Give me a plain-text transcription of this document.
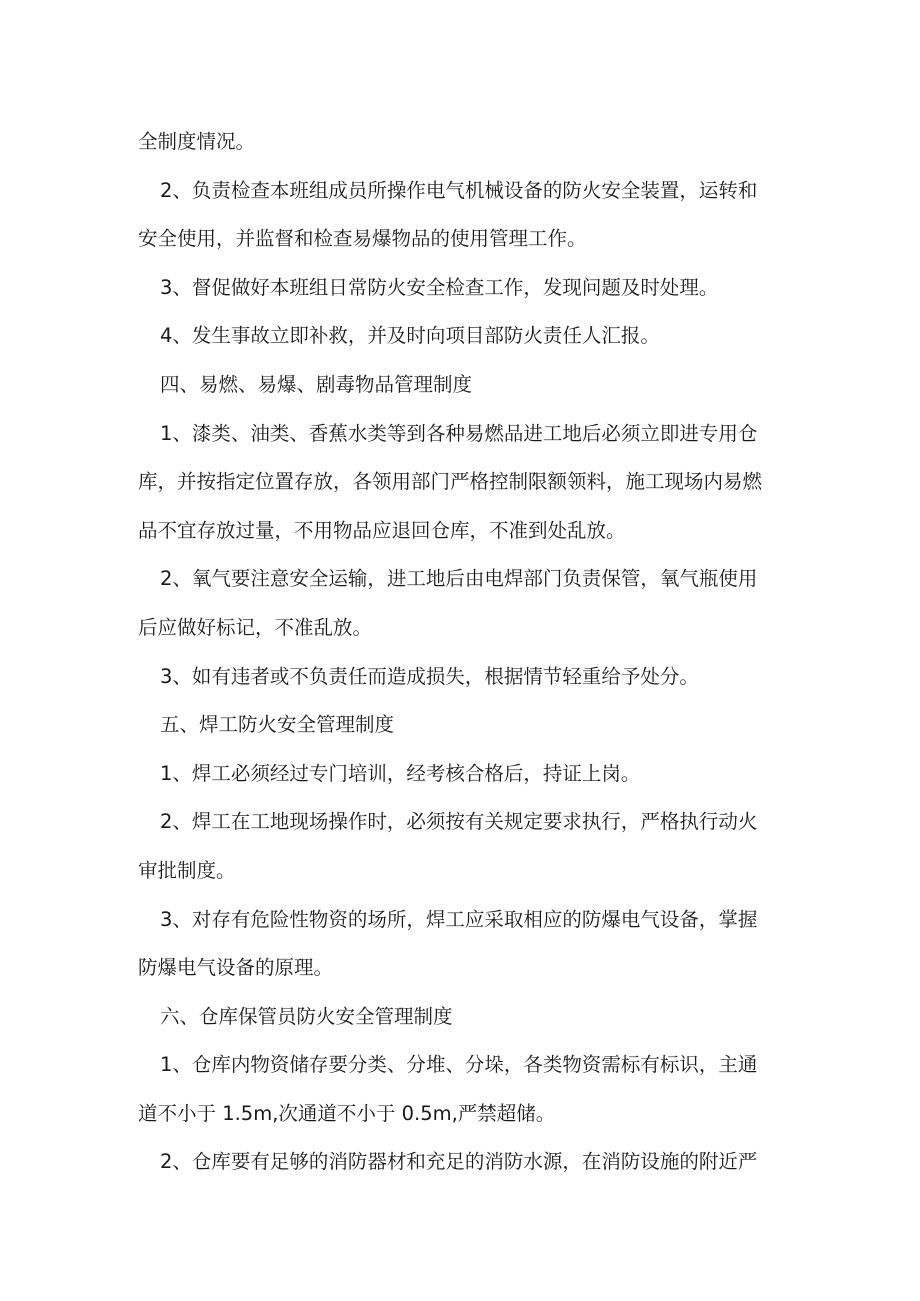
全制度情况。

2、负责检查本班组成员所操作电气机械设备的防火安全装置，运转和

安全使用，并监督和检查易爆物品的使用管理工作。

3、督促做好本班组日常防火安全检查工作，发现问题及时处理。

4、发生事故立即补救，并及时向项目部防火责任人汇报。

四、易燃、易爆、剧毒物品管理制度

1、漆类、油类、香蕉水类等到各种易燃品进工地后必须立即进专用仓

库，并按指定位置存放，各领用部门严格控制限额领料，施工现场内易燃

品不宜存放过量，不用物品应退回仓库，不准到处乱放。

2、氧气要注意安全运输，进工地后由电焊部门负责保管，氧气瓶使用

后应做好标记，不准乱放。

3、如有违者或不负责任而造成损失，根据情节轻重给予处分。

五、焊工防火安全管理制度

1、焊工必须经过专门培训，经考核合格后，持证上岗。

2、焊工在工地现场操作时，必须按有关规定要求执行，严格执行动火

审批制度。

3、对存有危险性物资的场所，焊工应采取相应的防爆电气设备，掌握

防爆电气设备的原理。

六、仓库保管员防火安全管理制度

1、仓库内物资储存要分类、分堆、分垛，各类物资需标有标识，主通

道不小于 1.5m,次通道不小于 0.5m,严禁超储。

2、仓库要有足够的消防器材和充足的消防水源，在消防设施的附近严
